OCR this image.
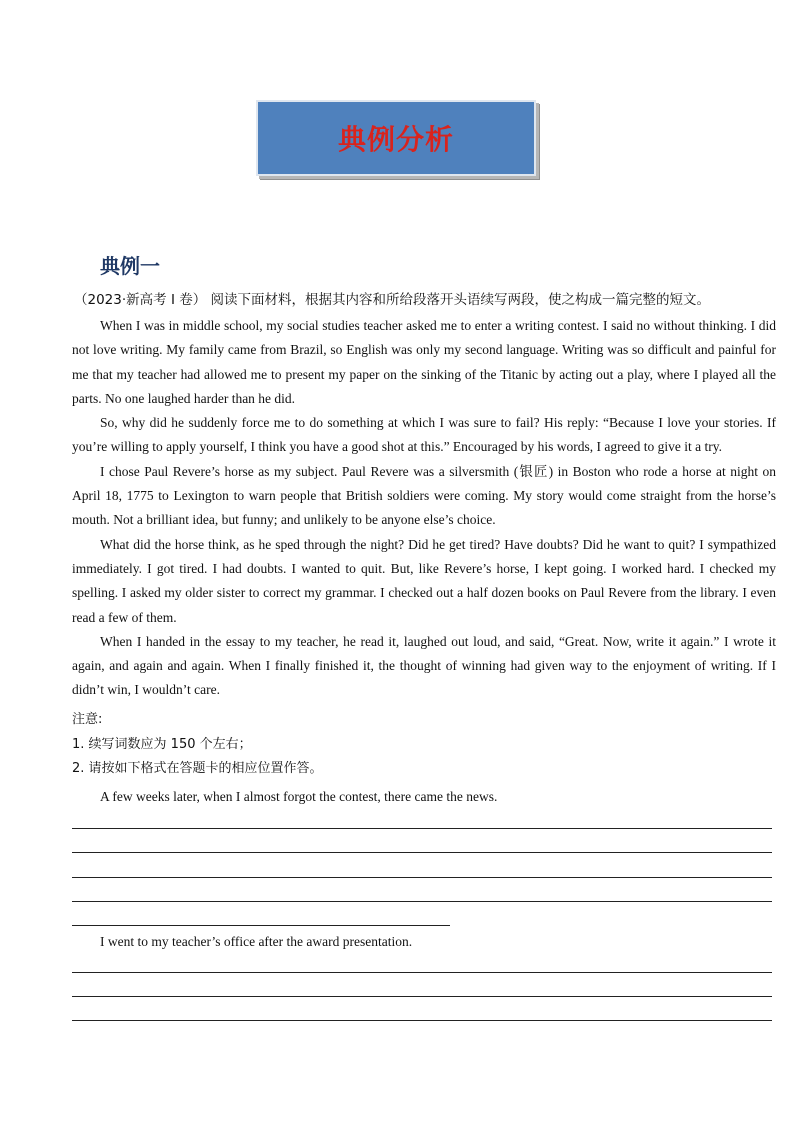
典例分析
典例一
（2023·新高考 I 卷） 阅读下面材料，根据其内容和所给段落开头语续写两段，使之构成一篇完整的短文。

When I was in middle school, my social studies teacher asked me to enter a writing contest. I said no without thinking. I did not love writing. My family came from Brazil, so English was only my second language. Writing was so difficult and painful for me that my teacher had allowed me to present my paper on the sinking of the Titanic by acting out a play, where I played all the parts. No one laughed harder than he did.

So, why did he suddenly force me to do something at which I was sure to fail? His reply: “Because I love your stories. If you’re willing to apply yourself, I think you have a good shot at this.” Encouraged by his words, I agreed to give it a try.

I chose Paul Revere’s horse as my subject. Paul Revere was a silversmith (银匠) in Boston who rode a horse at night on April 18, 1775 to Lexington to warn people that British soldiers were coming. My story would come straight from the horse’s mouth. Not a brilliant idea, but funny; and unlikely to be anyone else’s choice.

What did the horse think, as he sped through the night? Did he get tired? Have doubts? Did he want to quit? I sympathized immediately. I got tired. I had doubts. I wanted to quit. But, like Revere’s horse, I kept going. I worked hard. I checked my spelling. I asked my older sister to correct my grammar. I checked out a half dozen books on Paul Revere from the library. I even read a few of them.

When I handed in the essay to my teacher, he read it, laughed out loud, and said, “Great. Now, write it again.” I wrote it again, and again and again. When I finally finished it, the thought of winning had given way to the enjoyment of writing. If I didn’t win, I wouldn’t care.

注意:
1. 续写词数应为 150 个左右；
2. 请按如下格式在答题卡的相应位置作答。
A few weeks later, when I almost forgot the contest, there came the news.
I went to my teacher’s office after the award presentation.
